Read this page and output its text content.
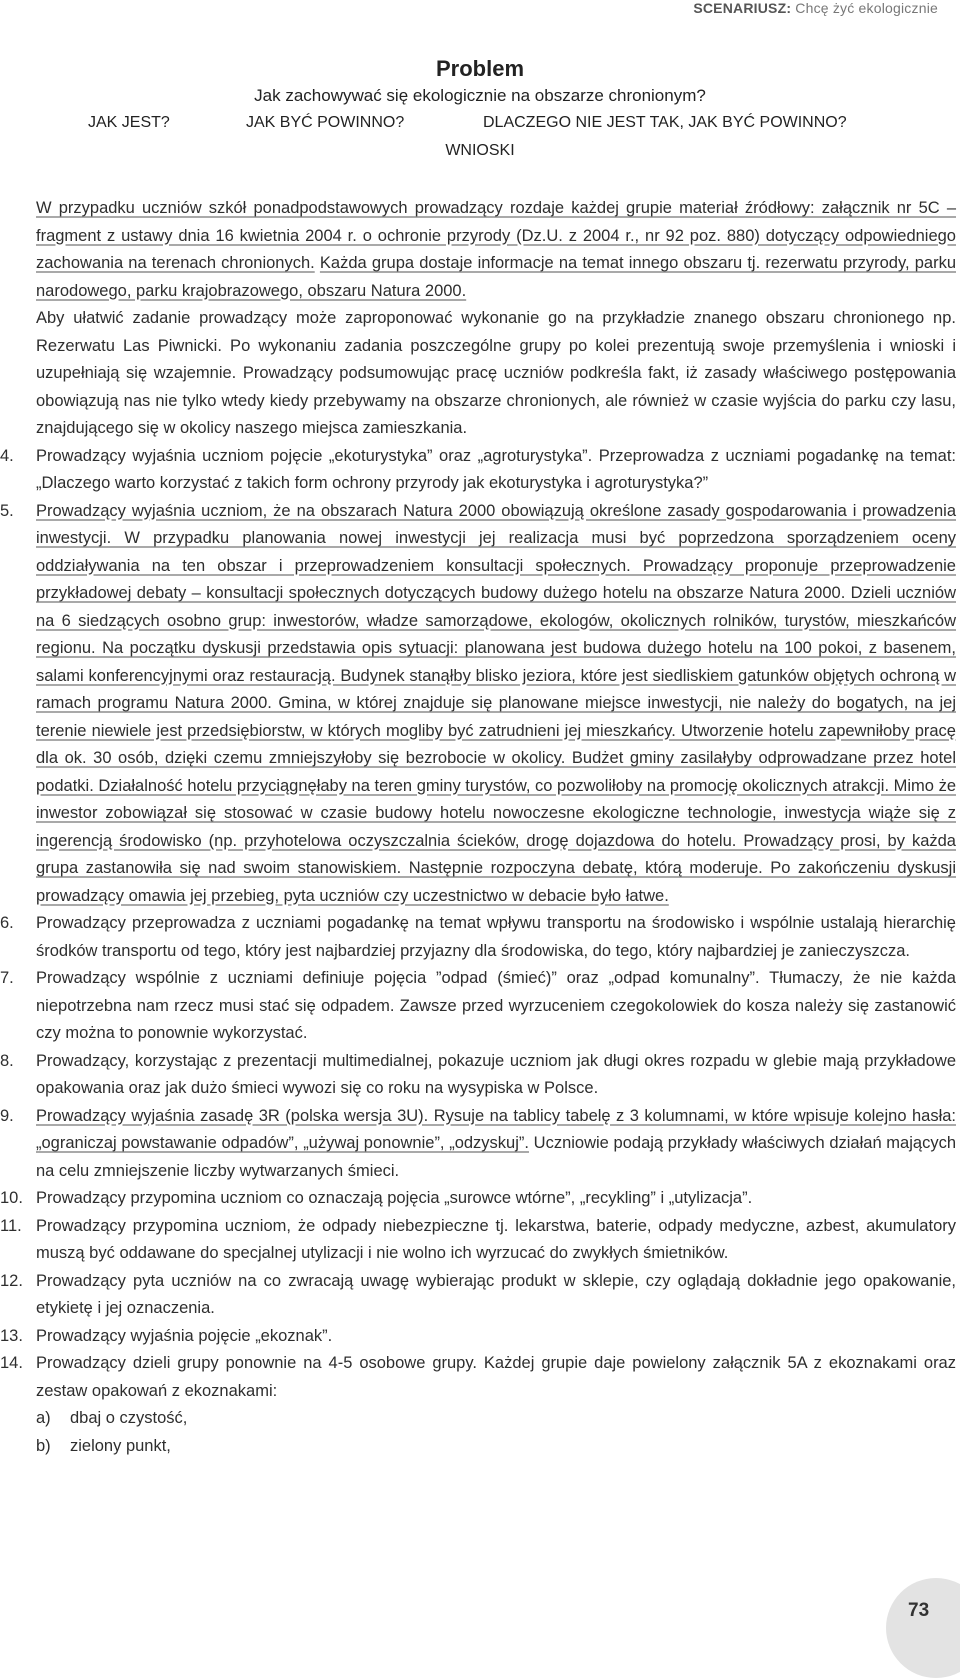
SCENARIUSZ: Chcę żyć ekologicznie
Problem
Jak zachowywać się ekologicznie na obszarze chronionym?
JAK JEST?	JAK BYĆ POWINNO?	DLACZEGO NIE JEST TAK, JAK BYĆ POWINNO?
WNIOSKI

W przypadku uczniów szkół ponadpodstawowych prowadzący rozdaje każdej grupie materiał źródłowy: załącznik nr 5C – fragment z ustawy dnia 16 kwietnia 2004 r. o ochronie przyrody (Dz.U. z 2004 r., nr 92 poz. 880) dotyczący odpowiedniego zachowania na terenach chronionych. Każda grupa dostaje informacje na temat innego obszaru tj. rezerwatu przyrody, parku narodowego, parku krajobrazowego, obszaru Natura 2000.

Aby ułatwić zadanie prowadzący może zaproponować wykonanie go na przykładzie znanego obszaru chronionego np. Rezerwatu Las Piwnicki. Po wykonaniu zadania poszczególne grupy po kolei prezentują swoje przemyślenia i wnioski i uzupełniają się wzajemnie. Prowadzący podsumowując pracę uczniów podkreśla fakt, iż zasady właściwego postępowania obowiązują nas nie tylko wtedy kiedy przebywamy na obszarze chronionych, ale również w czasie wyjścia do parku czy lasu, znajdującego się w okolicy naszego miejsca zamieszkania.

4.	Prowadzący wyjaśnia uczniom pojęcie „ekoturystyka” oraz „agroturystyka”. Przeprowadza z uczniami pogadankę na temat: „Dlaczego warto korzystać z takich form ochrony przyrody jak ekoturystyka i agroturystyka?”
5.	Prowadzący wyjaśnia uczniom, że na obszarach Natura 2000 obowiązują określone zasady gospodarowania i prowadzenia inwestycji. W przypadku planowania nowej inwestycji jej realizacja musi być poprzedzona sporządzeniem oceny oddziaływania na ten obszar i przeprowadzeniem konsultacji społecznych. Prowadzący proponuje przeprowadzenie przykładowej debaty – konsultacji społecznych dotyczących budowy dużego hotelu na obszarze Natura 2000. Dzieli uczniów na 6 siedzących osobno grup: inwestorów, władze samorządowe, ekologów, okolicznych rolników, turystów, mieszkańców regionu. Na początku dyskusji przedstawia opis sytuacji: planowana jest budowa dużego hotelu na 100 pokoi, z basenem, salami konferencyjnymi oraz restauracją. Budynek stanąłby blisko jeziora, które jest siedliskiem gatunków objętych ochroną w ramach programu Natura 2000. Gmina, w której znajduje się planowane miejsce inwestycji, nie należy do bogatych, na jej terenie niewiele jest przedsiębiorstw, w których mogliby być zatrudnieni jej mieszkańcy. Utworzenie hotelu zapewniłoby pracę dla ok. 30 osób, dzięki czemu zmniejszyłoby się bezrobocie w okolicy. Budżet gminy zasilałyby odprowadzane przez hotel podatki. Działalność hotelu przyciągnęłaby na teren gminy turystów, co pozwoliłoby na promocję okolicznych atrakcji. Mimo że inwestor zobowiązał się stosować w czasie budowy hotelu nowoczesne ekologiczne technologie, inwestycja wiąże się z ingerencją środowisko (np. przyhotelowa oczyszczalnia ścieków, drogę dojazdowa do hotelu. Prowadzący prosi, by każda grupa zastanowiła się nad swoim stanowiskiem. Następnie rozpoczyna debatę, którą moderuje. Po zakończeniu dyskusji prowadzący omawia jej przebieg, pyta uczniów czy uczestnictwo w debacie było łatwe.
6.	Prowadzący przeprowadza z uczniami pogadankę na temat wpływu transportu na środowisko i wspólnie ustalają hierarchię środków transportu od tego, który jest najbardziej przyjazny dla środowiska, do tego, który najbardziej je zanieczyszcza.
7.	Prowadzący wspólnie z uczniami definiuje pojęcia ”odpad (śmieć)” oraz „odpad komunalny”. Tłumaczy, że nie każda niepotrzebna nam rzecz musi stać się odpadem. Zawsze przed wyrzuceniem czegokolowiek do kosza należy się zastanowić czy można to ponownie wykorzystać.
8.	Prowadzący, korzystając z prezentacji multimedialnej, pokazuje uczniom jak długi okres rozpadu w glebie mają przykładowe opakowania oraz jak dużo śmieci wywozi się co roku na wysypiska w Polsce.
9.	Prowadzący wyjaśnia zasadę 3R (polska wersja 3U). Rysuje na tablicy tabelę z 3 kolumnami, w które wpisuje kolejno hasła: „ograniczaj powstawanie odpadów”, „używaj ponownie”, „odzyskuj”. Uczniowie podają przykłady właściwych działań mających na celu zmniejszenie liczby wytwarzanych śmieci.
10. Prowadzący przypomina uczniom co oznaczają pojęcia „surowce wtórne”, „recykling” i „utylizacja”.
11. Prowadzący przypomina uczniom, że odpady niebezpieczne tj. lekarstwa, baterie, odpady medyczne, azbest, akumulatory muszą być oddawane do specjalnej utylizacji i nie wolno ich wyrzucać do zwykłych śmietników.
12. Prowadzący pyta uczniów na co zwracają uwagę wybierając produkt w sklepie, czy oglądają dokładnie jego opakowanie, etykietę i jej oznaczenia.
13. Prowadzący wyjaśnia pojęcie „ekoznak”.
14. Prowadzący dzieli grupy ponownie na 4-5 osobowe grupy. Każdej grupie daje powielony załącznik 5A z ekoznakami oraz zestaw opakowań z ekoznakami:
a) dbaj o czystość,
b) zielony punkt,
73
